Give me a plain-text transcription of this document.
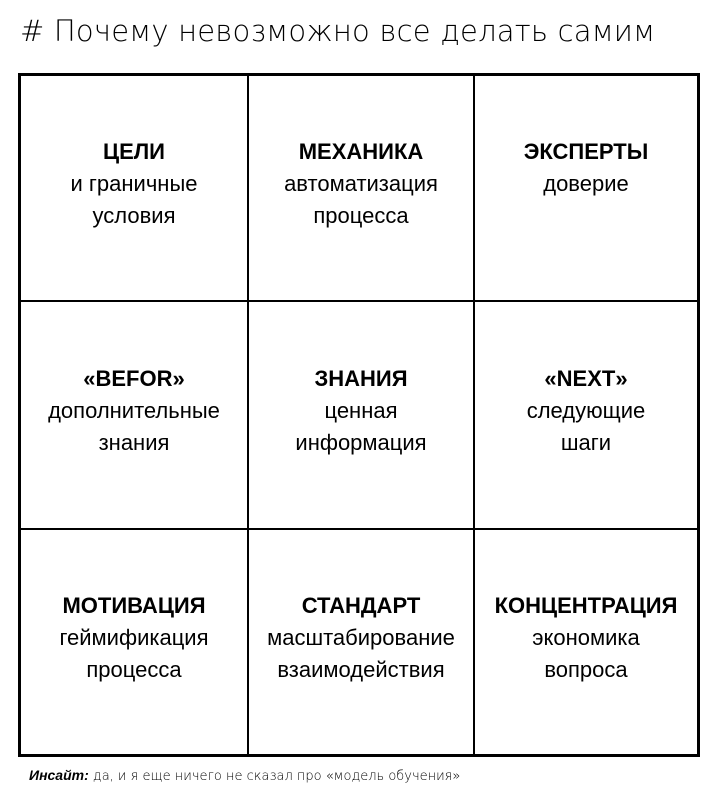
# Почему невозможно все делать самим
ЦЕЛИ
и граничные
условия
МЕХАНИКА
автоматизация
процесса
ЭКСПЕРТЫ
доверие

«BEFOR»
дополнительные
знания
ЗНАНИЯ
ценная
информация
«NEXT»
следующие
шаги
МОТИВАЦИЯ
геймификация
процесса
СТАНДАРТ
масштабирование
взаимодействия
КОНЦЕНТРАЦИЯ
экономика
вопроса
Инсайт: да, и я еще ничего не сказал про «модель обучения»
